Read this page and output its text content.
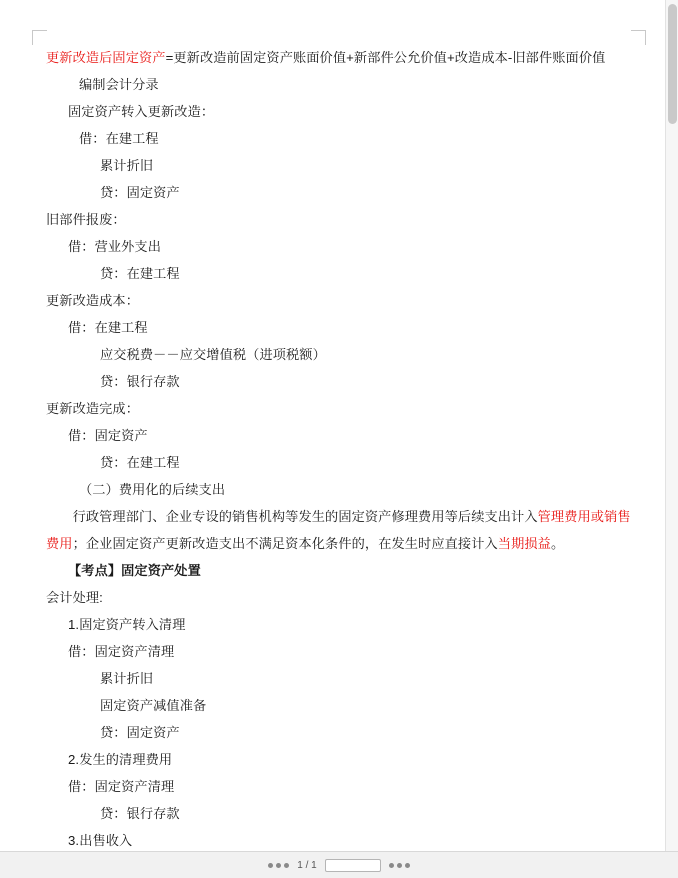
更新改造后固定资产=更新改造前固定资产账面价值+新部件公允价值+改造成本-旧部件账面价值
编制会计分录
固定资产转入更新改造：
借：在建工程
累计折旧
贷：固定资产
旧部件报废：
借：营业外支出
贷：在建工程
更新改造成本：
借：在建工程
应交税费－－应交增值税（进项税额）
贷：银行存款
更新改造完成：
借：固定资产
贷：在建工程
（二）费用化的后续支出
　　行政管理部门、企业专设的销售机构等发生的固定资产修理费用等后续支出计入管理费用或销售费用；企业固定资产更新改造支出不满足资本化条件的，在发生时应直接计入当期损益。
【考点】固定资产处置
会计处理:
1.固定资产转入清理
借：固定资产清理
累计折旧
固定资产减值准备
贷：固定资产
2.发生的清理费用
借：固定资产清理
贷：银行存款
3.出售收入
1 / 1
